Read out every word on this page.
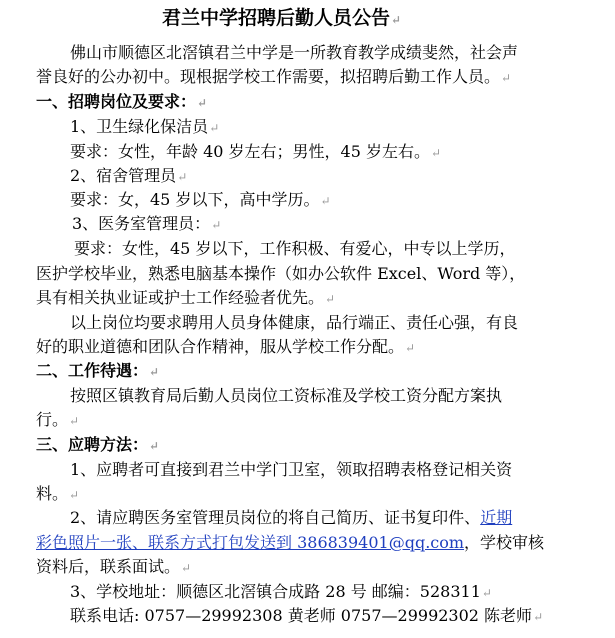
君兰中学招聘后勤人员公告↵
佛山市顺德区北滘镇君兰中学是一所教育教学成绩斐然，社会声
誉良好的公办初中。现根据学校工作需要，拟招聘后勤工作人员。↵
一、招聘岗位及要求：↵
1、卫生绿化保洁员↵
要求：女性，年龄 40 岁左右；男性，45 岁左右。↵
2、宿舍管理员↵
要求：女，45 岁以下，高中学历。↵
3、医务室管理员：↵
要求：女性，45 岁以下，工作积极、有爱心，中专以上学历，
医护学校毕业，熟悉电脑基本操作（如办公软件 Excel、Word 等），
具有相关执业证或护士工作经验者优先。↵
以上岗位均要求聘用人员身体健康，品行端正、责任心强，有良
好的职业道德和团队合作精神，服从学校工作分配。↵
二、工作待遇：↵
按照区镇教育局后勤人员岗位工资标准及学校工资分配方案执
行。↵
三、应聘方法：↵
1、应聘者可直接到君兰中学门卫室，领取招聘表格登记相关资
料。↵
2、请应聘医务室管理员岗位的将自己简历、证书复印件、近期
彩色照片一张、联系方式打包发送到 386839401@qq.com，学校审核
资料后，联系面试。↵
3、学校地址：顺德区北滘镇合成路 28 号 邮编：528311↵
联系电话: 0757—29992308 黄老师 0757—29992302 陈老师↵
